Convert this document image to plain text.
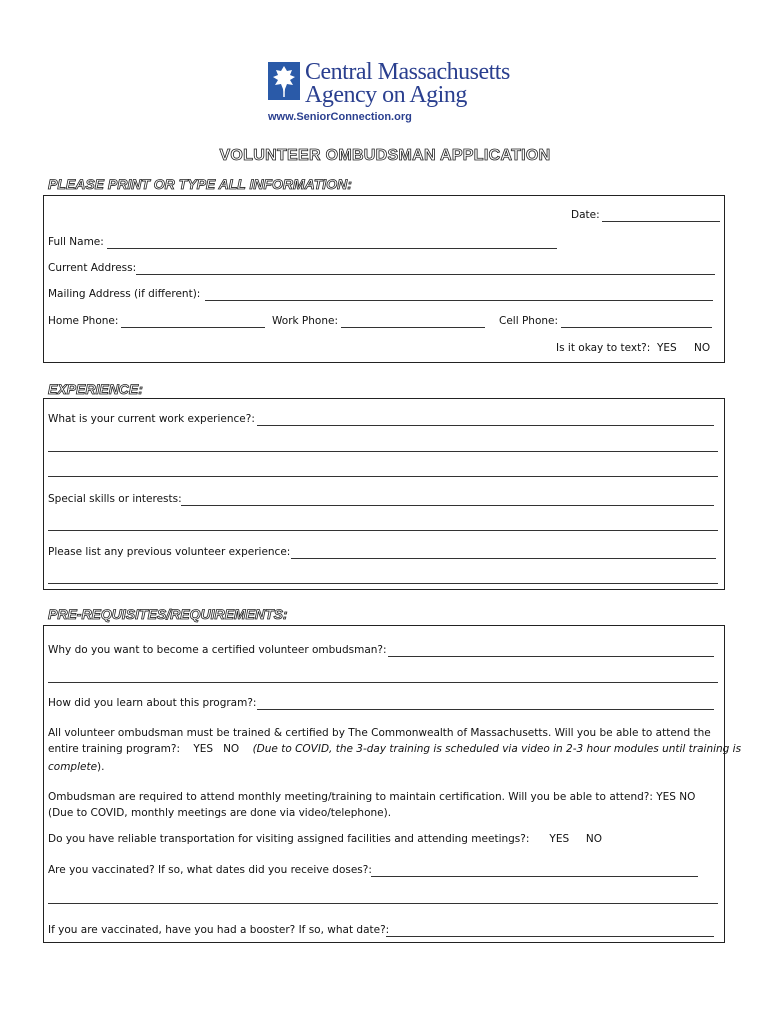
Central Massachusetts
Agency on Aging
www.SeniorConnection.org
VOLUNTEER OMBUDSMAN APPLICATION
PLEASE PRINT OR TYPE ALL INFORMATION:
Date:
Full Name:
Current Address:
Mailing Address (if different):
Home Phone:	Work Phone:	Cell Phone:
Is it okay to text?: YES NO
EXPERIENCE:
What is your current work experience?:
Special skills or interests:
Please list any previous volunteer experience:
PRE-REQUISITES/REQUIREMENTS:
Why do you want to become a certified volunteer ombudsman?:
How did you learn about this program?:
All volunteer ombudsman must be trained & certified by The Commonwealth of Massachusetts. Will you be able to attend the
entire training program?: YES NO (Due to COVID, the 3-day training is scheduled via video in 2-3 hour modules until training is
complete).
Ombudsman are required to attend monthly meeting/training to maintain certification. Will you be able to attend?: YES NO
(Due to COVID, monthly meetings are done via video/telephone).
Do you have reliable transportation for visiting assigned facilities and attending meetings?: YES NO
Are you vaccinated? If so, what dates did you receive doses?:
If you are vaccinated, have you had a booster? If so, what date?:
